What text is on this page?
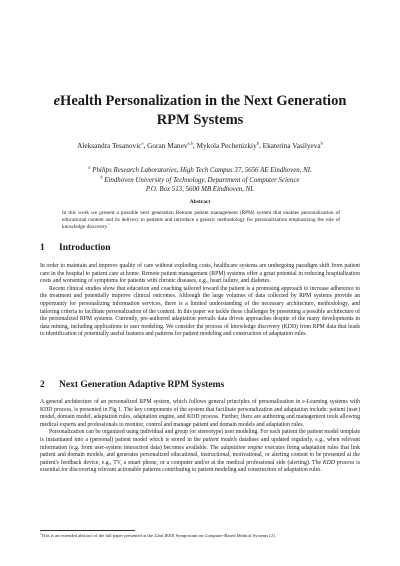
eHealth Personalization in the Next Generation
RPM Systems
Aleksandra Tesanovic$^a$, Goran Manev$^{a,b}$, Mykola Pechenizkiy$^b$, Ekaterina Vasilyeva$^b$
$^a$ Philips Research Laboratories, High Tech Campus 37, 5656 AE Eindhoven, NL
$^b$ Eindhoven University of Technology, Department of Computer Science
P.O. Box 513, 5600 MB Eindhoven, NL
Abstract
In this work we present a possible next generation Remote patient management (RPM) system that enables personalization of educational content and its delivery to patients and introduce a generic methodology for personalization emphasizing the role of knowledge discovery.$^1$
1 Introduction

In order to maintain and improve quality of care without exploding costs, healthcare systems are undergoing paradigm shift from patient care in the hospital to patient care at home. Remote patient management (RPM) systems offer a great potential in reducing hospitalization costs and worsening of symptoms for patients with chronic diseases, e.g., heart failure, and diabetes.

Recent clinical studies show that education and coaching tailored toward the patient is a promising approach to increase adherence to the treatment and potentially improve clinical outcomes. Although the large volumes of data collected by RPM systems provide an opportunity for personalizing information services, there is a limited understanding of the necessary architecture, methodology, and tailoring criteria to facilitate personalization of the content. In this paper we tackle these challenges by presenting a possible architecture of the personalized RPM systems. Currently, pre-authored adaptation prevails data driven approaches despite of the many developments in data mining, including applications to user modeling. We consider the process of knowledge discovery (KDD) from RPM data that leads to identification of potentially useful features and patterns for patient modeling and construction of adaptation rules.

2 Next Generation Adaptive RPM Systems

A general architecture of an personalized RPM system, which follows general principles of personalization in e-Learning systems with KDD process, is presented in Fig 1. The key components of the system that facilitate personalization and adaptation include: patient (user) model, domain model, adaptation rules, adaptation engine, and KDD process. Further, there are authoring and management tools allowing medical experts and professionals to monitor, control and manage patient and domain models and adaptation rules.

Personalization can be organized using individual and group (or stereotype) user modeling. For each patient the patient model template is instantiated into a (personal) patient model which is stored in the patient models database and updated regularly, e.g., when relevant information (e.g. from user-system interaction data) becomes available. The adaptation engine executes firing adaptation rules that link patient and domain models, and generates personalized educational, instructional, motivational, or alerting content to be presented at the patient's feedback device, e.g., TV, a smart phone, or a computer and/or at the medical professional side (alerting). The KDD process is essential for discovering relevant actionable patterns contributing to patient modeling and construction of adaptation rules.

$^1$This is an extended abstract of the full paper presented at the 22nd IEEE Symposium on Computer-Based Medical Systems [2].
